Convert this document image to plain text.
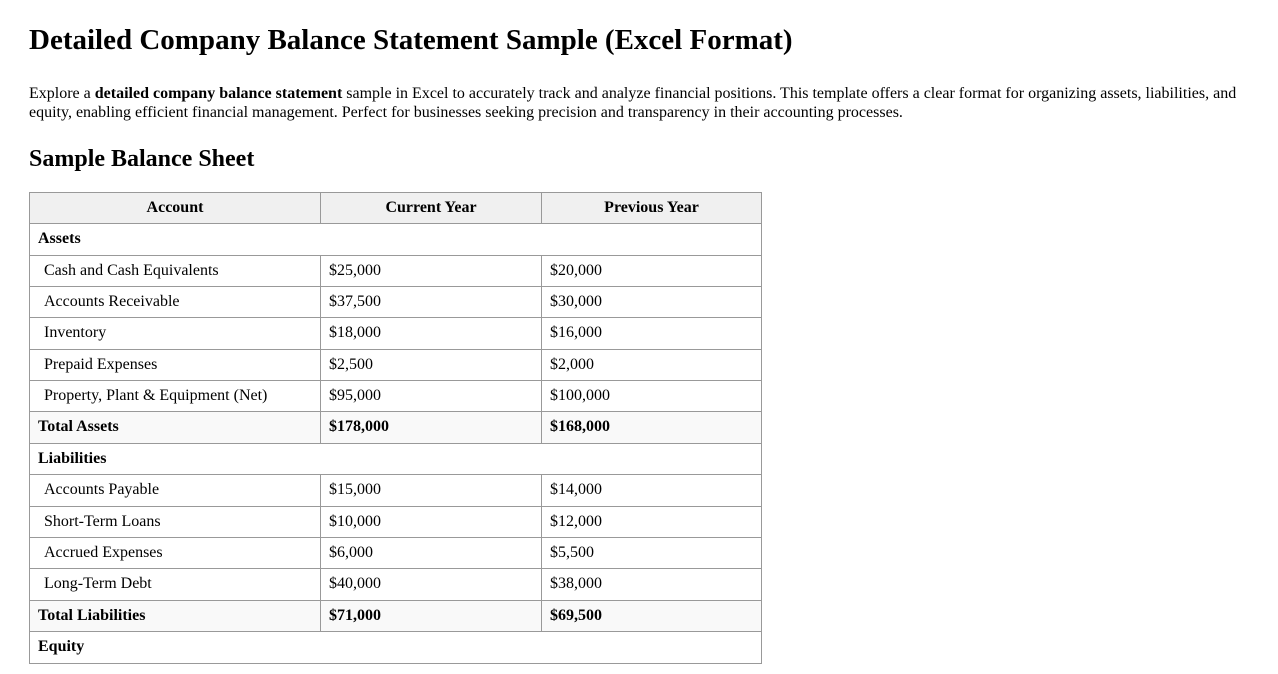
Detailed Company Balance Statement Sample (Excel Format)

Explore a detailed company balance statement sample in Excel to accurately track and analyze financial positions. This template offers a clear format for organizing assets, liabilities, and equity, enabling efficient financial management. Perfect for businesses seeking precision and transparency in their accounting processes.

Sample Balance Sheet
Account	Current Year	Previous Year
Assets		
Cash and Cash Equivalents	$25,000	$20,000
Accounts Receivable	$37,500	$30,000
Inventory	$18,000	$16,000
Prepaid Expenses	$2,500	$2,000
Property, Plant & Equipment (Net)	$95,000	$100,000
Total Assets	$178,000	$168,000
Liabilities		
Accounts Payable	$15,000	$14,000
Short-Term Loans	$10,000	$12,000
Accrued Expenses	$6,000	$5,500
Long-Term Debt	$40,000	$38,000
Total Liabilities	$71,000	$69,500
Equity		
